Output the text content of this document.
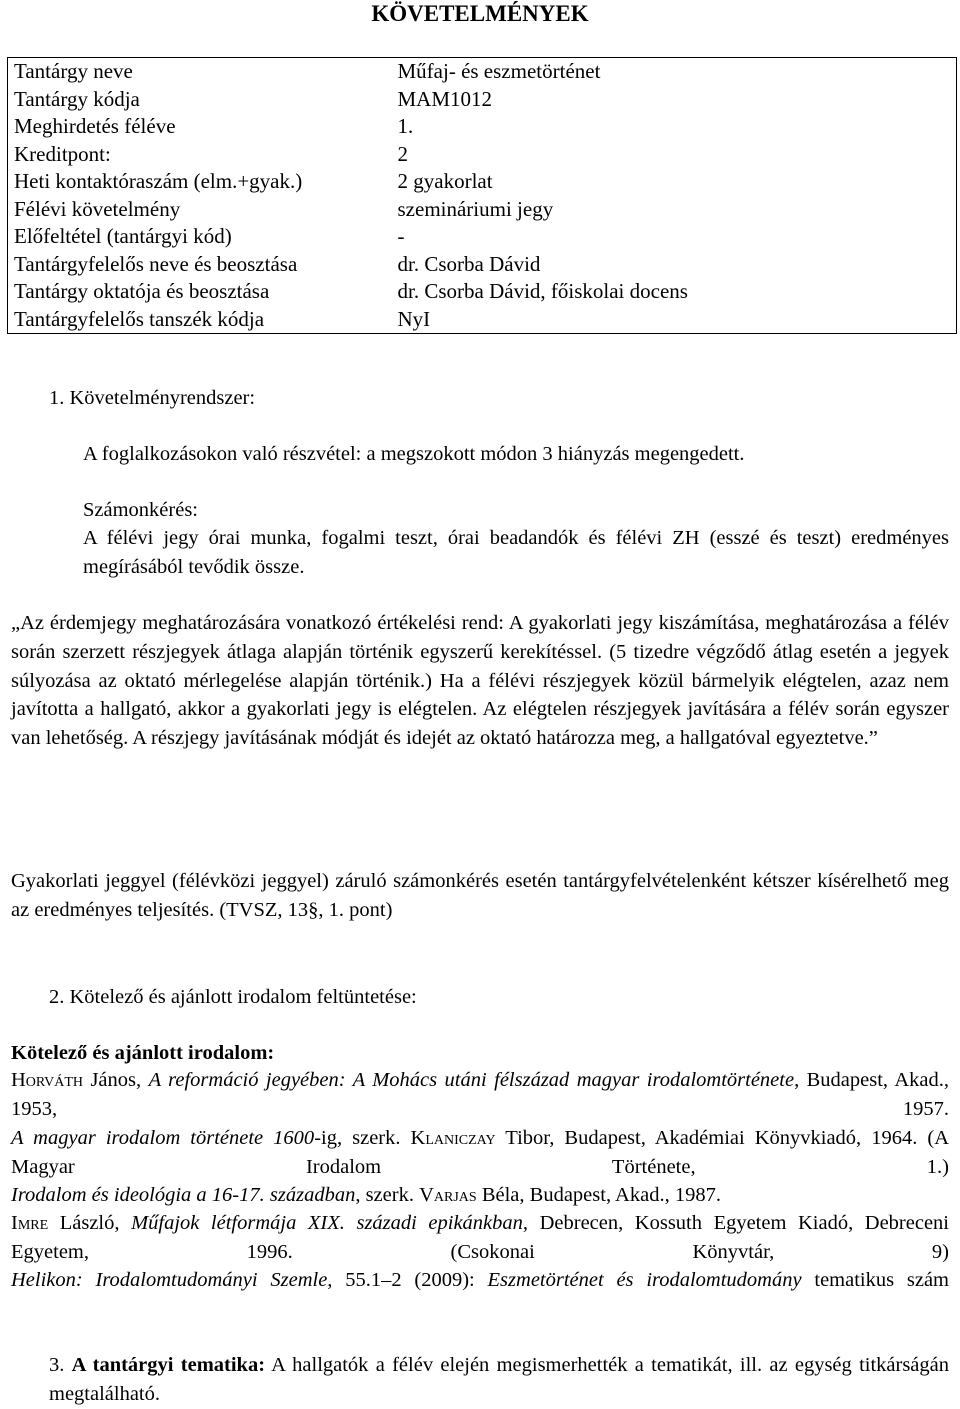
KÖVETELMÉNYEK
Tantárgy neve	Műfaj- és eszmetörténet
Tantárgy kódja	MAM1012
Meghirdetés féléve	1.
Kreditpont:	2
Heti kontaktóraszám (elm.+gyak.)	2 gyakorlat
Félévi követelmény	szemináriumi jegy
Előfeltétel (tantárgyi kód)	-
Tantárgyfelelős neve és beosztása	dr. Csorba Dávid
Tantárgy oktatója és beosztása	dr. Csorba Dávid, főiskolai docens
Tantárgyfelelős tanszék kódja	NyI
1. Követelményrendszer:
A foglalkozásokon való részvétel: a megszokott módon 3 hiányzás megengedett.
Számonkérés:
A félévi jegy órai munka, fogalmi teszt, órai beadandók és félévi ZH (esszé és teszt) eredményes megírásából tevődik össze.
„Az érdemjegy meghatározására vonatkozó értékelési rend: A gyakorlati jegy kiszámítása, meghatározása a félév során szerzett részjegyek átlaga alapján történik egyszerű kerekítéssel. (5 tizedre végződő átlag esetén a jegyek súlyozása az oktató mérlegelése alapján történik.) Ha a félévi részjegyek közül bármelyik elégtelen, azaz nem javította a hallgató, akkor a gyakorlati jegy is elégtelen. Az elégtelen részjegyek javítására a félév során egyszer van lehetőség. A részjegy javításának módját és idejét az oktató határozza meg, a hallgatóval egyeztetve.”
Gyakorlati jeggyel (félévközi jeggyel) záruló számonkérés esetén tantárgyfelvételenként kétszer kísérelhető meg az eredményes teljesítés. (TVSZ, 13§, 1. pont)
2. Kötelező és ajánlott irodalom feltüntetése:
Kötelező és ajánlott irodalom:
Horváth János, A reformáció jegyében: A Mohács utáni félszázad magyar irodalomtörténete, Budapest, Akad., 1953, 1957.
A magyar irodalom története 1600-ig, szerk. Klaniczay Tibor, Budapest, Akadémiai Könyvkiadó, 1964. (A Magyar Irodalom Története, 1.)
Irodalom és ideológia a 16-17. században, szerk. Varjas Béla, Budapest, Akad., 1987.
Imre László, Műfajok létformája XIX. századi epikánkban, Debrecen, Kossuth Egyetem Kiadó, Debreceni Egyetem, 1996. (Csokonai Könyvtár, 9)
Helikon: Irodalomtudományi Szemle, 55.1–2 (2009): Eszmetörténet és irodalomtudomány tematikus szám
3. A tantárgyi tematika: A hallgatók a félév elején megismerhették a tematikát, ill. az egység titkárságán megtalálható.
